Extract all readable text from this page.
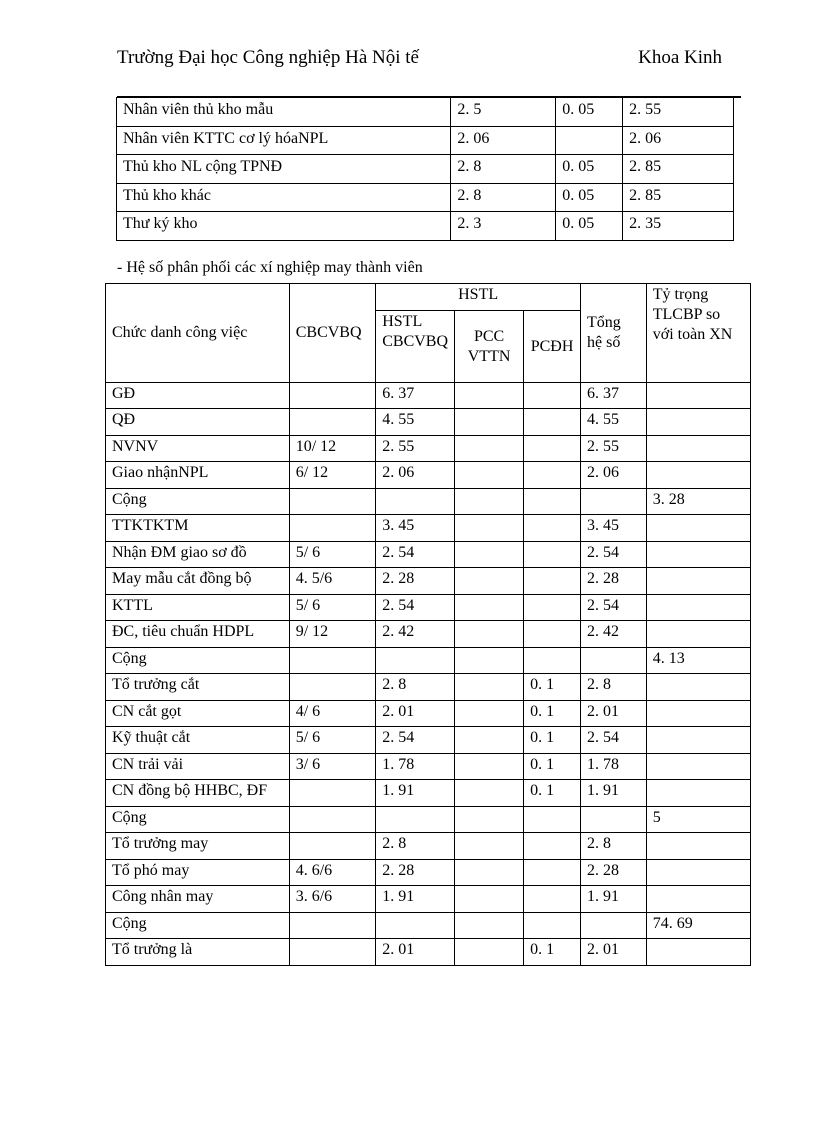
Trường Đại học Công nghiệp Hà Nội tế	Khoa Kinh
Nhân viên thủ kho mẫu	2. 5	0. 05	2. 55
Nhân viên KTTC cơ lý hóaNPL	2. 06		2. 06
Thủ kho NL cộng TPNĐ	2. 8	0. 05	2. 85
Thủ kho khác	2. 8	0. 05	2. 85
Thư ký kho	2. 3	0. 05	2. 35
- Hệ số phân phối các xí nghiệp may thành viên
Chức danh công việc	CBCVBQ	HSTL			Tổng hệ số	Tỷ trọng TLCBP so với toàn XN
		HSTL CBCVBQ	PCC VTTN	PCĐH		
GĐ		6. 37			6. 37	
QĐ		4. 55			4. 55	
NVNV	10/ 12	2. 55			2. 55	
Giao nhậnNPL	6/ 12	2. 06			2. 06	
Cộng						3. 28
TTKTKTM		3. 45			3. 45	
Nhận ĐM giao sơ đồ	5/ 6	2. 54			2. 54	
May mẫu cắt đồng bộ	4. 5/6	2. 28			2. 28	
KTTL	5/ 6	2. 54			2. 54	
ĐC, tiêu chuẩn HDPL	9/ 12	2. 42			2. 42	
Cộng						4. 13
Tổ trưởng cắt		2. 8		0. 1	2. 8	
CN cắt gọt	4/ 6	2. 01		0. 1	2. 01	
Kỹ thuật cắt	5/ 6	2. 54		0. 1	2. 54	
CN trải vải	3/ 6	1. 78		0. 1	1. 78	
CN đồng bộ HHBC, ĐF		1. 91		0. 1	1. 91	
Cộng						5
Tổ trưởng may		2. 8			2. 8	
Tổ phó may	4. 6/6	2. 28			2. 28	
Công nhân may	3. 6/6	1. 91			1. 91	
Cộng						74. 69
Tổ trưởng là		2. 01		0. 1	2. 01	
